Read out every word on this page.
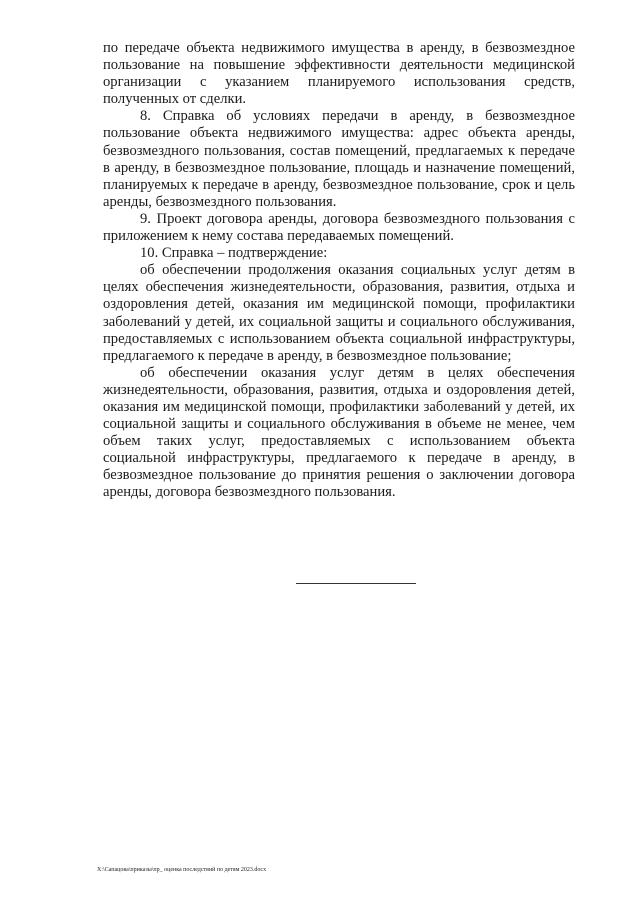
по передаче объекта недвижимого имущества в аренду, в безвозмездное пользование на повышение эффективности деятельности медицинской организации с указанием планируемого использования средств, полученных от сделки.

8. Справка об условиях передачи в аренду, в безвозмездное пользование объекта недвижимого имущества: адрес объекта аренды, безвозмездного пользования, состав помещений, предлагаемых к передаче в аренду, в безвозмездное пользование, площадь и назначение помещений, планируемых к передаче в аренду, безвозмездное пользование, срок и цель аренды, безвозмездного пользования.

9. Проект договора аренды, договора безвозмездного пользования с приложением к нему состава передаваемых помещений.

10. Справка – подтверждение:

об обеспечении продолжения оказания социальных услуг детям в целях обеспечения жизнедеятельности, образования, развития, отдыха и оздоровления детей, оказания им медицинской помощи, профилактики заболеваний у детей, их социальной защиты и социального обслуживания, предоставляемых с использованием объекта социальной инфраструктуры, предлагаемого к передаче в аренду, в безвозмездное пользование;

об обеспечении оказания услуг детям в целях обеспечения жизнедеятельности, образования, развития, отдыха и оздоровления детей, оказания им медицинской помощи, профилактики заболеваний у детей, их социальной защиты и социального обслуживания в объеме не менее, чем объем таких услуг, предоставляемых с использованием объекта социальной инфраструктуры, предлагаемого к передаче в аренду, в безвозмездное пользование до принятия решения о заключении договора аренды, договора безвозмездного пользования.

X:\Сапацова\приказы\пр_ оценка последствий по детям 2023.docx
